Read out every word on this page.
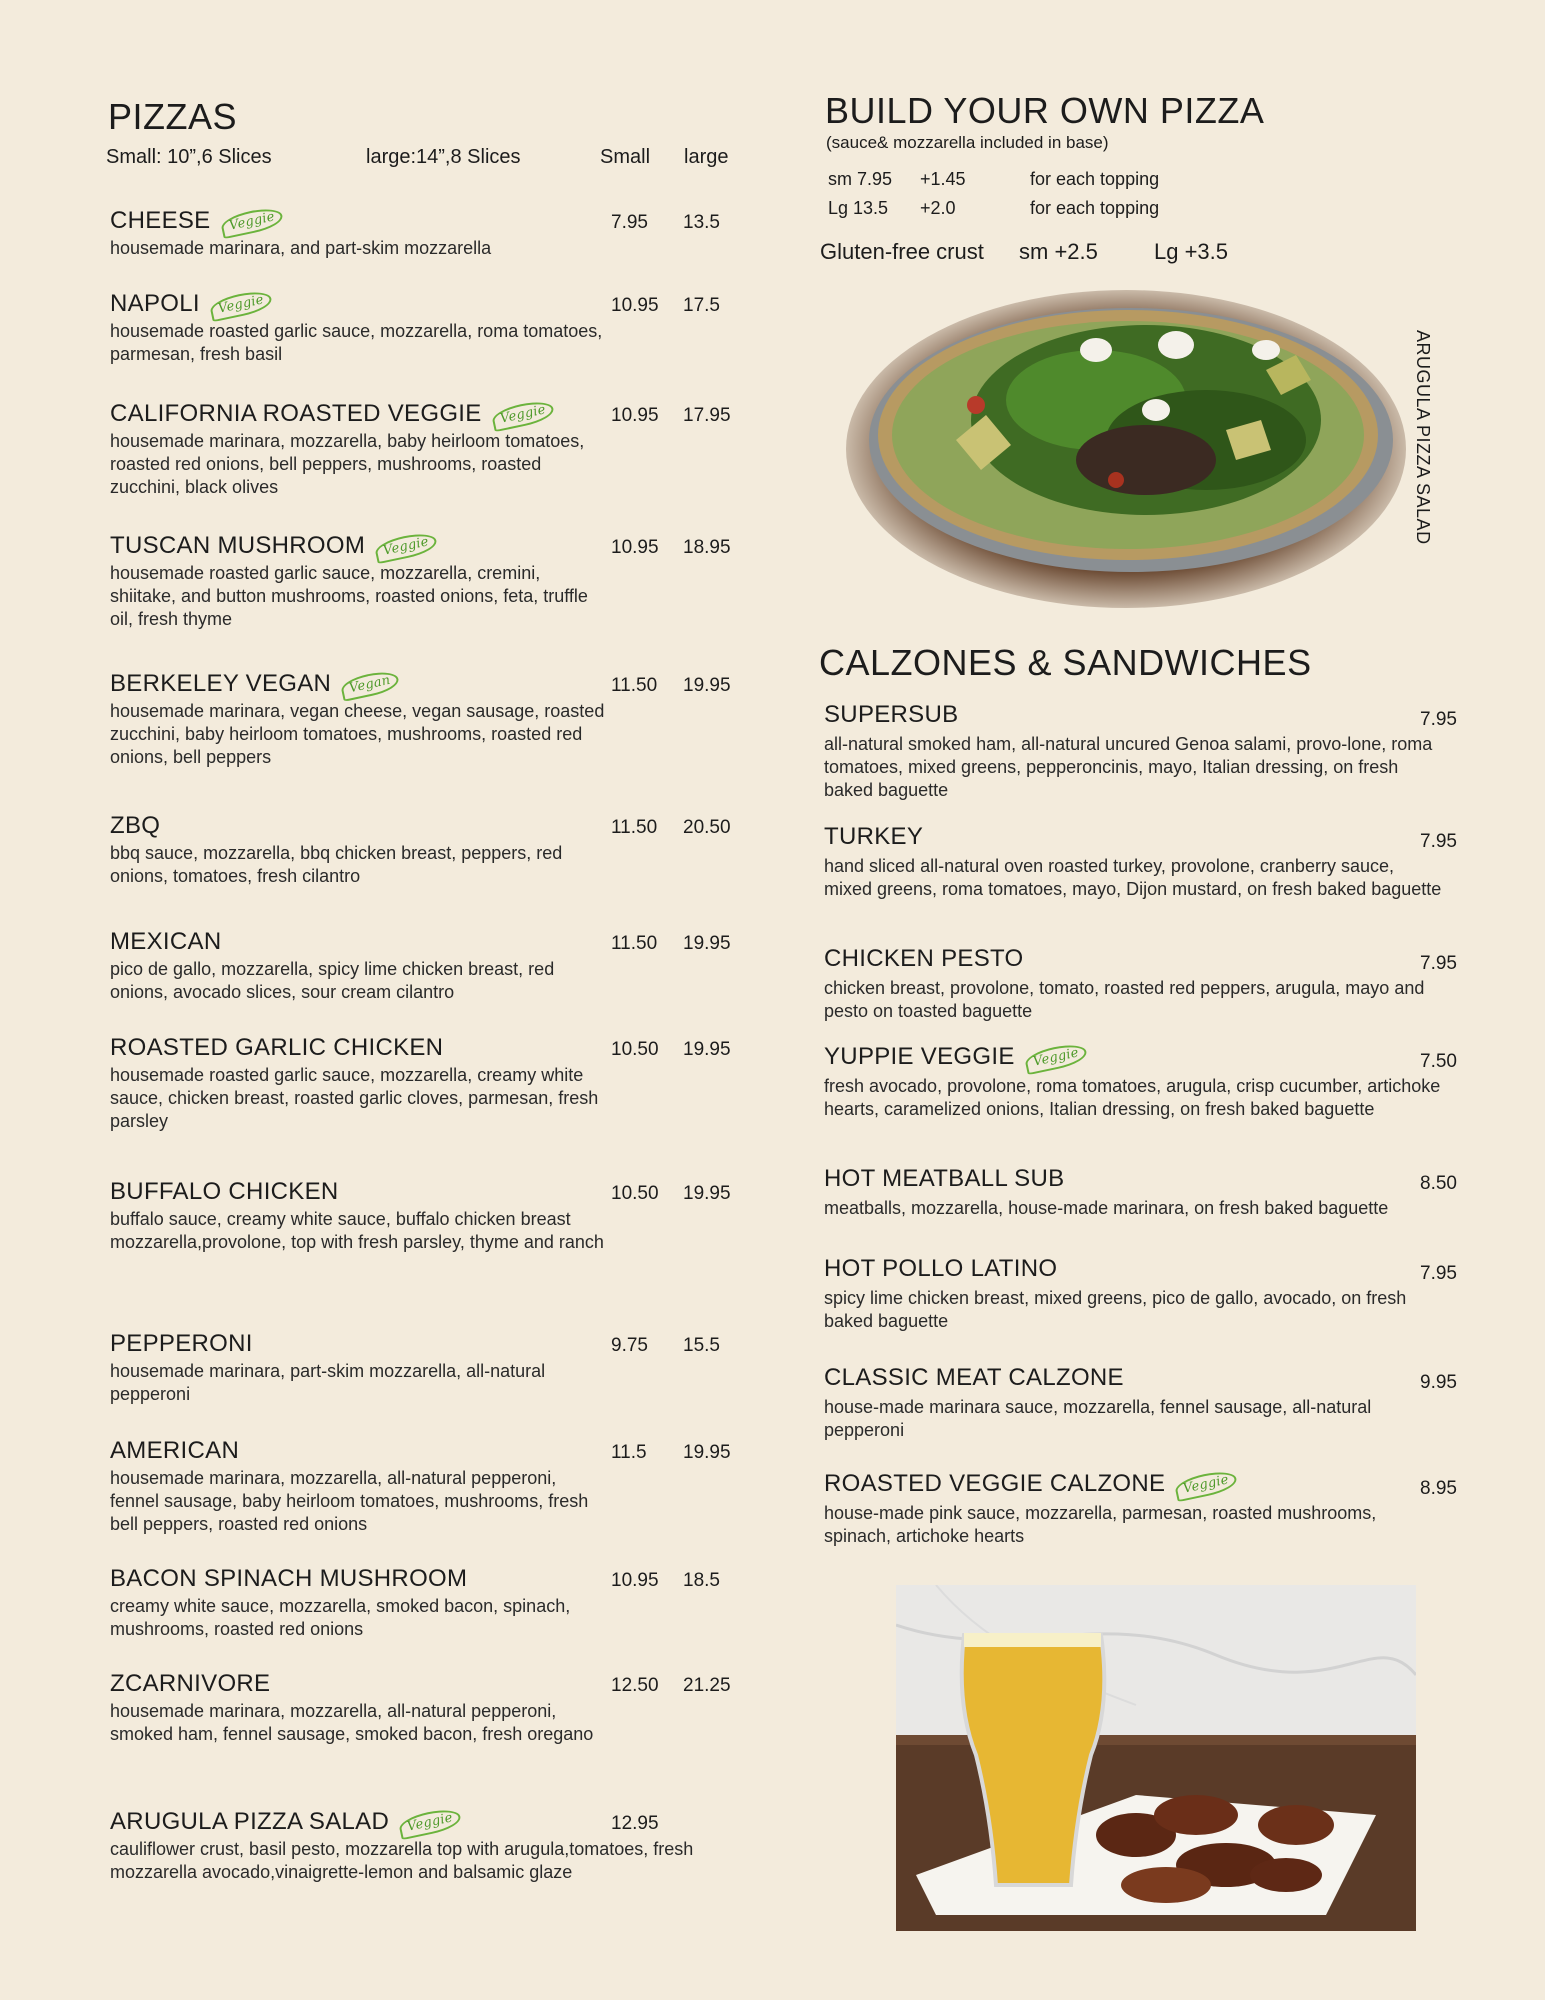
PIZZAS
Small: 10”,6 Slices	large:14”,8 Slices	Small large
CHEESE Veggie
housemade marinara, and part-skim mozzarella
7.95 13.5
NAPOLI Veggie
housemade roasted garlic sauce, mozzarella, roma tomatoes, parmesan, fresh basil
10.95 17.5
CALIFORNIA ROASTED VEGGIE Veggie
housemade marinara, mozzarella, baby heirloom tomatoes, roasted red onions, bell peppers, mushrooms, roasted zucchini, black olives
10.95 17.95
TUSCAN MUSHROOM Veggie
housemade roasted garlic sauce, mozzarella, cremini, shiitake, and button mushrooms, roasted onions, feta, truffle oil, fresh thyme
10.95 18.95
BERKELEY VEGAN Vegan
housemade marinara, vegan cheese, vegan sausage, roasted zucchini, baby heirloom tomatoes, mushrooms, roasted red onions, bell peppers
11.50 19.95
ZBQ
bbq sauce, mozzarella, bbq chicken breast, peppers, red onions, tomatoes, fresh cilantro
11.50 20.50
MEXICAN
pico de gallo, mozzarella, spicy lime chicken breast, red onions, avocado slices, sour cream cilantro
11.50 19.95
ROASTED GARLIC CHICKEN
housemade roasted garlic sauce, mozzarella, creamy white sauce, chicken breast, roasted garlic cloves, parmesan, fresh parsley
10.50 19.95
BUFFALO CHICKEN
buffalo sauce, creamy white sauce, buffalo chicken breast mozzarella,provolone, top with fresh parsley, thyme and ranch
10.50 19.95
PEPPERONI
housemade marinara, part-skim mozzarella, all-natural pepperoni
9.75 15.5
AMERICAN
housemade marinara, mozzarella, all-natural pepperoni, fennel sausage, baby heirloom tomatoes, mushrooms, fresh bell peppers, roasted red onions
11.5 19.95
BACON SPINACH MUSHROOM
creamy white sauce, mozzarella, smoked bacon, spinach, mushrooms, roasted red onions
10.95 18.5
ZCARNIVORE
housemade marinara, mozzarella, all-natural pepperoni, smoked ham, fennel sausage, smoked bacon, fresh oregano
12.50 21.25
ARUGULA PIZZA SALAD Veggie
cauliflower crust, basil pesto, mozzarella top with arugula,tomatoes, fresh mozzarella avocado,vinaigrette-lemon and balsamic glaze
12.95
BUILD YOUR OWN PIZZA
(sauce& mozzarella included in base)
sm 7.95 +1.45	for each topping
Lg 13.5 +2.0	for each topping
Gluten-free crust sm +2.5	Lg +3.5
ARUGULA PIZZA SALAD
CALZONES & SANDWICHES
SUPERSUB
all-natural smoked ham, all-natural uncured Genoa salami, provo-lone, roma tomatoes, mixed greens, pepperoncinis, mayo, Italian dressing, on fresh baked baguette
7.95
TURKEY
hand sliced all-natural oven roasted turkey, provolone, cranberry sauce, mixed greens, roma tomatoes, mayo, Dijon mustard, on fresh baked baguette
7.95
CHICKEN PESTO
chicken breast, provolone, tomato, roasted red peppers, arugula, mayo and pesto on toasted baguette
7.95
YUPPIE VEGGIE Veggie
fresh avocado, provolone, roma tomatoes, arugula, crisp cucumber, artichoke hearts, caramelized onions, Italian dressing, on fresh baked baguette
7.50
HOT MEATBALL SUB
meatballs, mozzarella, house-made marinara, on fresh baked baguette
8.50
HOT POLLO LATINO
spicy lime chicken breast, mixed greens, pico de gallo, avocado, on fresh baked baguette
7.95
CLASSIC MEAT CALZONE
house-made marinara sauce, mozzarella, fennel sausage, all-natural pepperoni
9.95
ROASTED VEGGIE CALZONE Veggie
house-made pink sauce, mozzarella, parmesan, roasted mushrooms, spinach, artichoke hearts
8.95
